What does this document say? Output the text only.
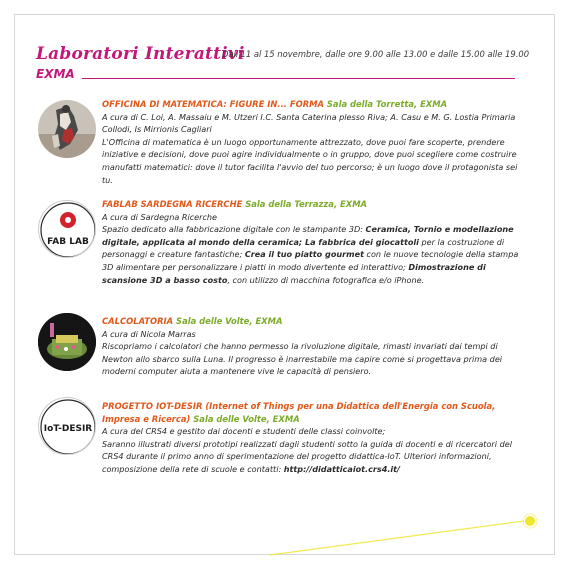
Laboratori Interattivi
Dall'11 al 15 novembre, dalle ore 9.00 alle 13.00 e dalle 15.00 alle 19.00
EXMA

OFFICINA DI MATEMATICA: FIGURE IN... FORMA Sala della Torretta, EXMA

A cura di C. Loi, A. Massaiu e M. Utzeri I.C. Santa Caterina plesso Riva; A. Casu e M. G. Lostia Primaria Collodi, Is Mirrionis Cagliari

L'Officina di matematica è un luogo opportunamente attrezzato, dove puoi fare scoperte, prendere iniziative e decisioni, dove puoi agire individualmente o in gruppo, dove puoi scegliere come costruire manufatti matematici: dove il tutor facilita l'avvio del tuo percorso; è un luogo dove il protagonista sei tu.

FAB LAB

FABLAB SARDEGNA RICERCHE Sala della Terrazza, EXMA

A cura di Sardegna Ricerche

Spazio dedicato alla fabbricazione digitale con le stampante 3D: Ceramica, Tornio e modellazione digitale, applicata al mondo della ceramica; La fabbrica dei giocattoli per la costruzione di personaggi e creature fantastiche; Crea il tuo piatto gourmet con le nuove tecnologie della stampa 3D alimentare per personalizzare i piatti in modo divertente ed interattivo; Dimostrazione di scansione 3D a basso costo, con utilizzo di macchina fotografica e/o iPhone.

CALCOLATORIA Sala delle Volte, EXMA

A cura di Nicola Marras

Riscopriamo i calcolatori che hanno permesso la rivoluzione digitale, rimasti invariati dai tempi di Newton allo sbarco sulla Luna. Il progresso è inarrestabile ma capire come si progettava prima dei moderni computer aiuta a mantenere vive le capacità di pensiero.

IoT-DESIR

PROGETTO IOT-DESIR (Internet of Things per una Didattica dell'Energia con Scuola, Impresa e Ricerca) Sala delle Volte, EXMA

A cura del CRS4 e gestito dai docenti e studenti delle classi coinvolte;

Saranno illustrati diversi prototipi realizzati dagli studenti sotto la guida di docenti e di ricercatori del CRS4 durante il primo anno di sperimentazione del progetto didattica-IoT. Ulteriori informazioni, composizione della rete di scuole e contatti: http://didatticaiot.crs4.it/
